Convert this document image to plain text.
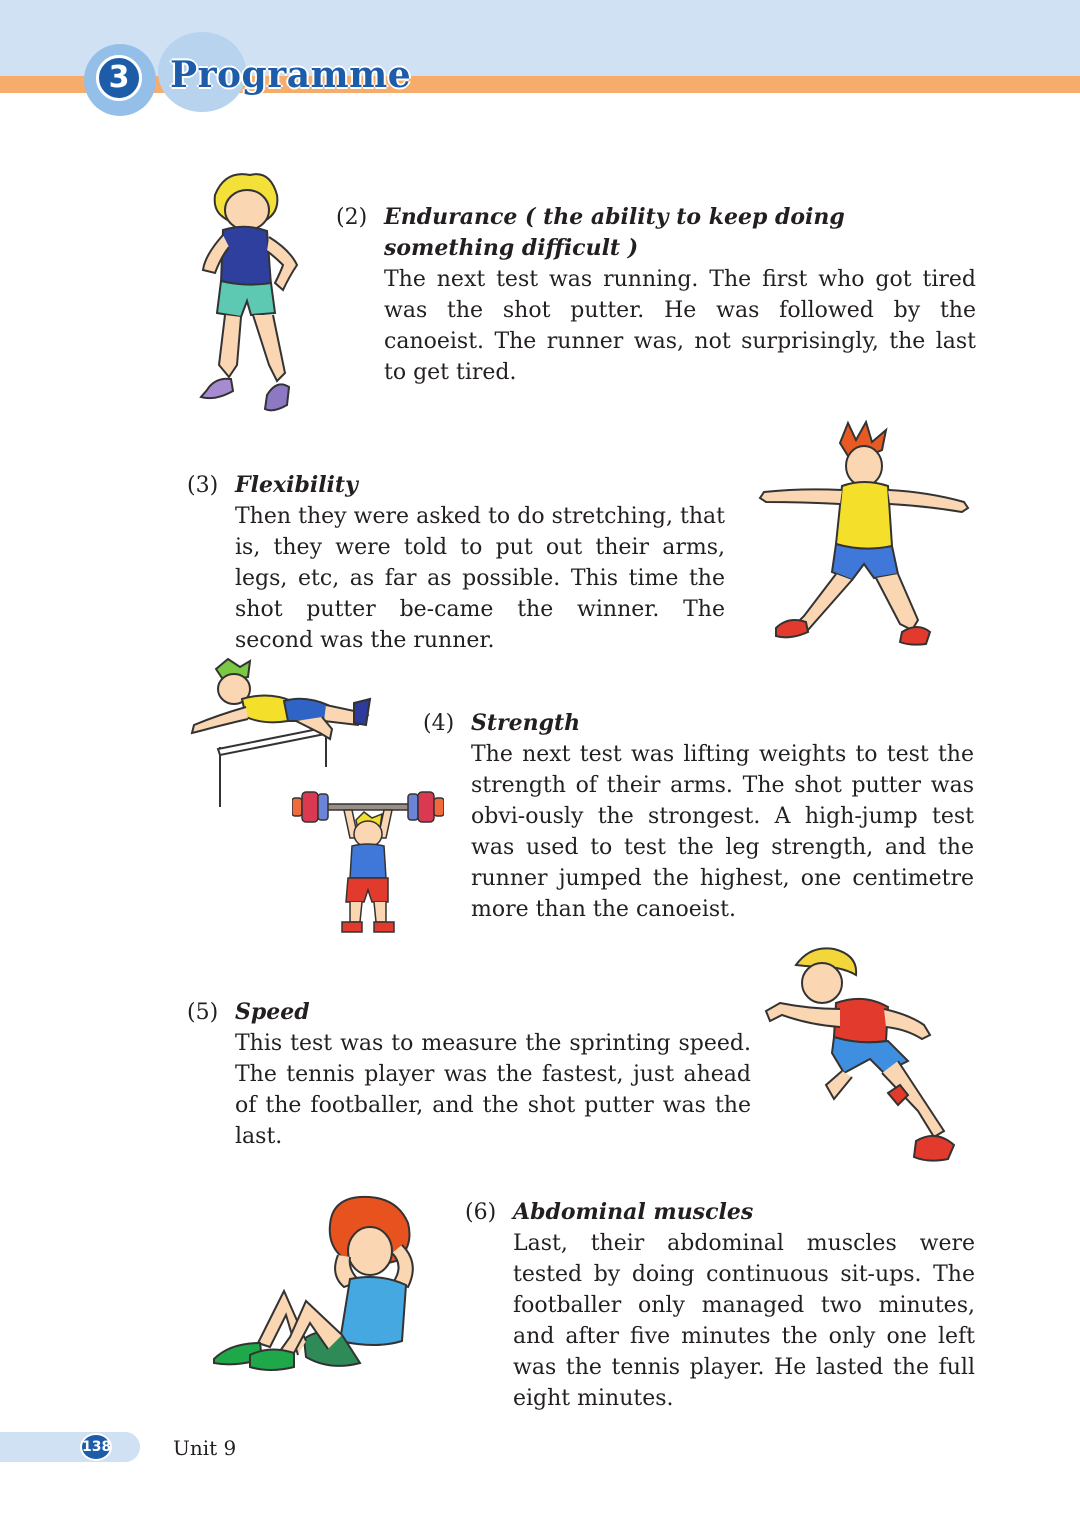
3	Programme
(2) Endurance ( the ability to keep doing something difficult )

The next test was running. The first who got tired was the shot putter. He was followed by the canoeist. The runner was, not surprisingly, the last to get tired.

(3) Flexibility

Then they were asked to do stretching, that is, they were told to put out their arms, legs, etc, as far as possible. This time the shot putter be-came the winner. The second was the runner.

(4) Strength

The next test was lifting weights to test the strength of their arms. The shot putter was obvi-ously the strongest. A high-jump test was used to test the leg strength, and the runner jumped the highest, one centimetre more than the canoeist.

(5) Speed

This test was to measure the sprinting speed. The tennis player was the fastest, just ahead of the footballer, and the shot putter was the last.

(6) Abdominal muscles

Last, their abdominal muscles were tested by doing continuous sit-ups. The footballer only managed two minutes, and after five minutes the only one left was the tennis player. He lasted the full eight minutes.

138	Unit 9
